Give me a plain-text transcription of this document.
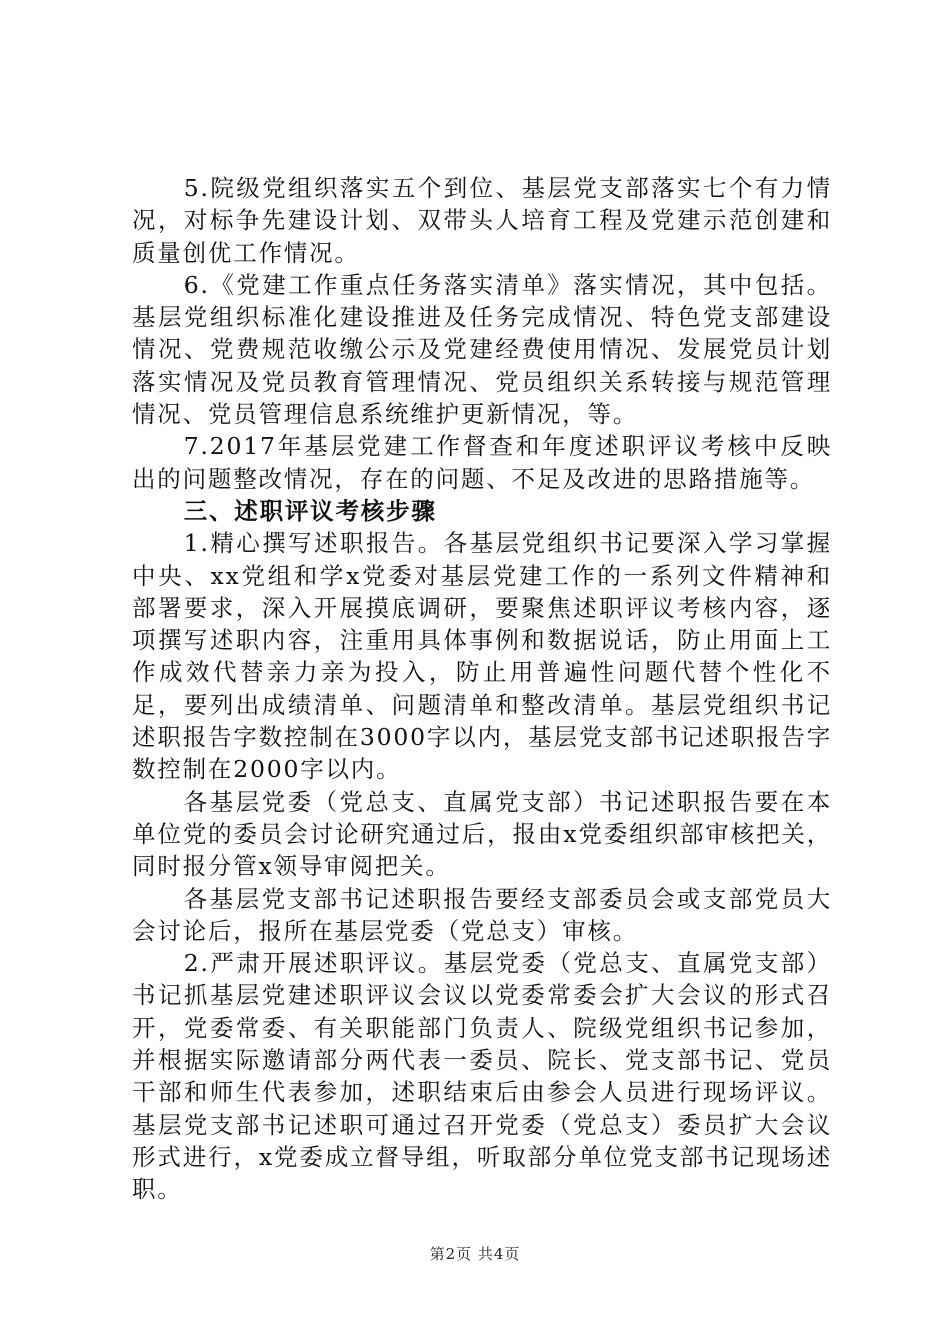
5.院级党组织落实五个到位、基层党支部落实七个有力情况，对标争先建设计划、双带头人培育工程及党建示范创建和质量创优工作情况。

6.《党建工作重点任务落实清单》落实情况，其中包括。基层党组织标准化建设推进及任务完成情况、特色党支部建设情况、党费规范收缴公示及党建经费使用情况、发展党员计划落实情况及党员教育管理情况、党员组织关系转接与规范管理情况、党员管理信息系统维护更新情况，等。

7.2017年基层党建工作督查和年度述职评议考核中反映出的问题整改情况，存在的问题、不足及改进的思路措施等。

三、述职评议考核步骤

1.精心撰写述职报告。各基层党组织书记要深入学习掌握中央、xx党组和学x党委对基层党建工作的一系列文件精神和部署要求，深入开展摸底调研，要聚焦述职评议考核内容，逐项撰写述职内容，注重用具体事例和数据说话，防止用面上工作成效代替亲力亲为投入，防止用普遍性问题代替个性化不足，要列出成绩清单、问题清单和整改清单。基层党组织书记述职报告字数控制在3000字以内，基层党支部书记述职报告字数控制在2000字以内。

各基层党委（党总支、直属党支部）书记述职报告要在本单位党的委员会讨论研究通过后，报由x党委组织部审核把关，同时报分管x领导审阅把关。

各基层党支部书记述职报告要经支部委员会或支部党员大会讨论后，报所在基层党委（党总支）审核。

2.严肃开展述职评议。基层党委（党总支、直属党支部）书记抓基层党建述职评议会议以党委常委会扩大会议的形式召开，党委常委、有关职能部门负责人、院级党组织书记参加，并根据实际邀请部分两代表一委员、院长、党支部书记、党员干部和师生代表参加，述职结束后由参会人员进行现场评议。基层党支部书记述职可通过召开党委（党总支）委员扩大会议形式进行，x党委成立督导组，听取部分单位党支部书记现场述职。

第2页 共4页
